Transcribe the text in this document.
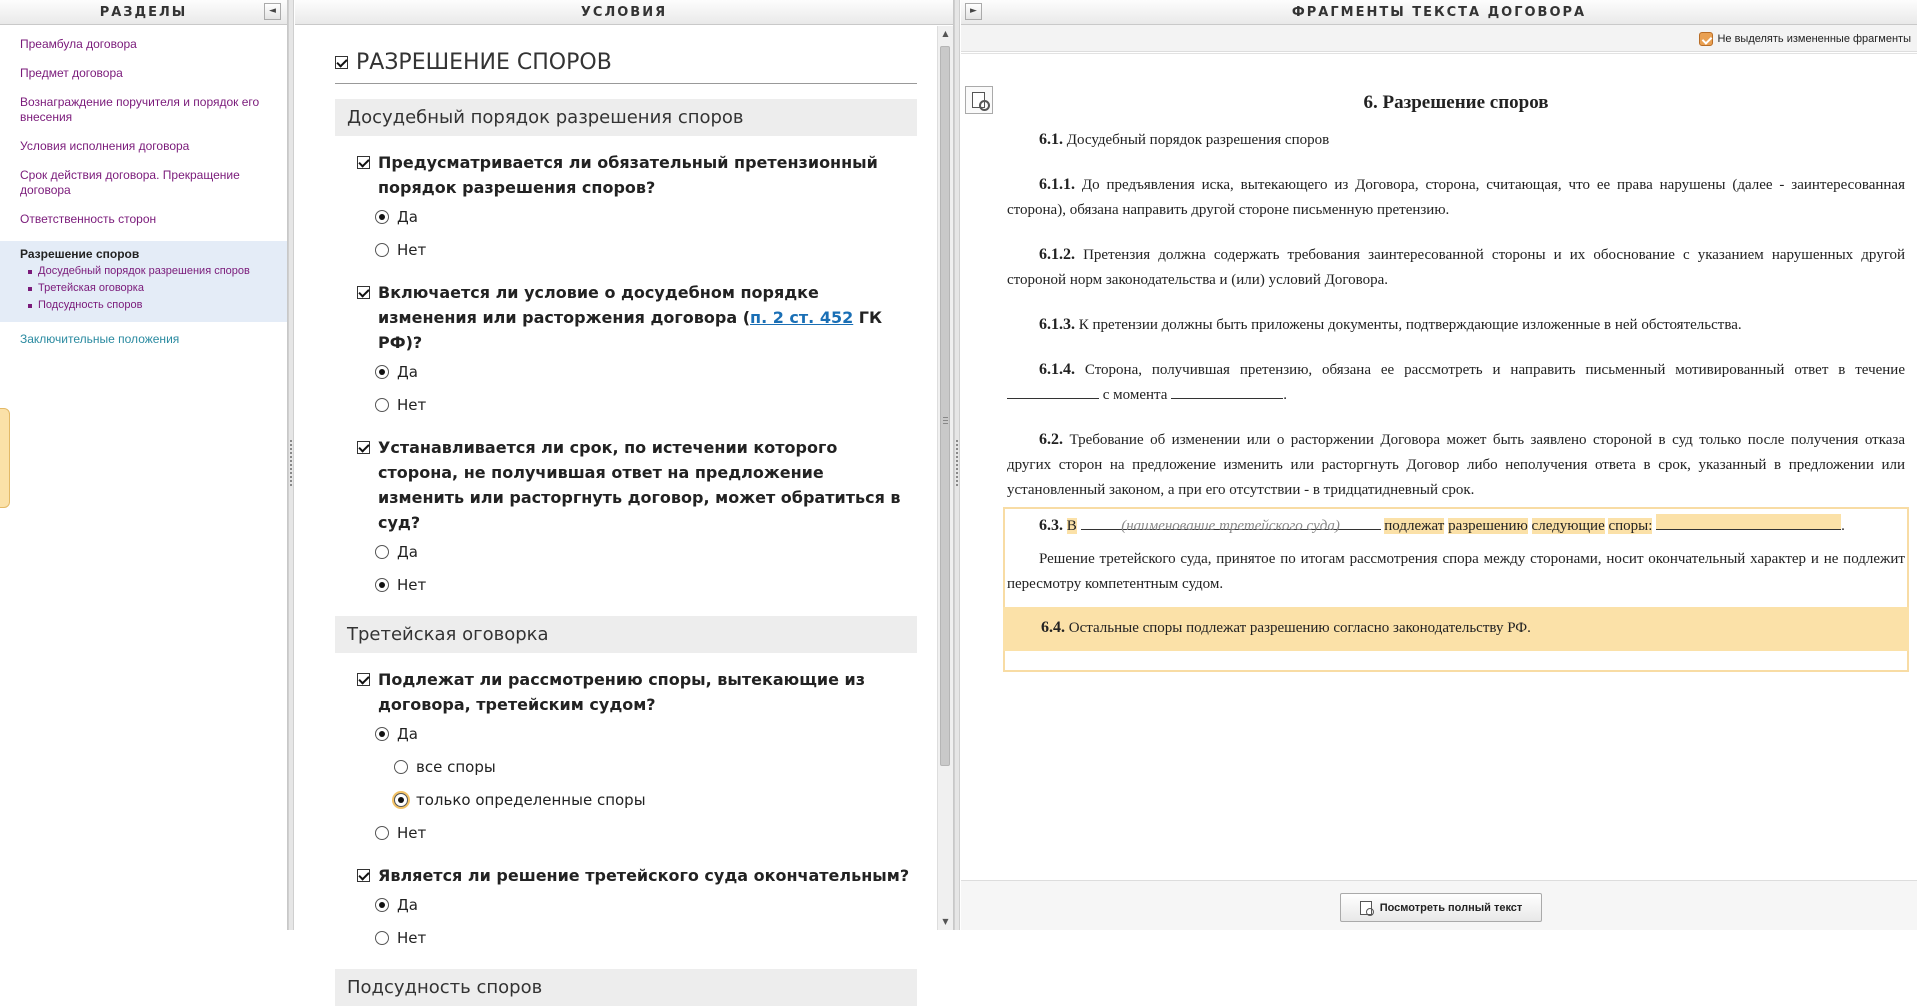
РАЗДЕЛЫ	◄
Преамбула договора
Предмет договора
Вознаграждение поручителя и порядок его внесения
Условия исполнения договора
Срок действия договора. Прекращение договора
Ответственность сторон
Разрешение споров
Досудебный порядок разрешения споров
Третейская оговорка
Подсудность споров
Заключительные положения
УСЛОВИЯ
РАЗРЕШЕНИЕ СПОРОВ
Досудебный порядок разрешения споров
Предусматривается ли обязательный претензионный порядок разрешения споров?
Да
Нет
Включается ли условие о досудебном порядке изменения или расторжения договора (п. 2 ст. 452 ГК РФ)?
Да
Нет
Устанавливается ли срок, по истечении которого сторона, не получившая ответ на предложение изменить или расторгнуть договор, может обратиться в суд?
Да
Нет
Третейская оговорка
Подлежат ли рассмотрению споры, вытекающие из договора, третейским судом?
Да
все споры
только определенные споры
Нет
Является ли решение третейского суда окончательным?
Да
Нет
Подсудность споров
▲
▼
►	ФРАГМЕНТЫ ТЕКСТА ДОГОВОРА
Не выделять измененные фрагменты
6. Разрешение споров

6.1. Досудебный порядок разрешения споров

6.1.1. До предъявления иска, вытекающего из Договора, сторона, считающая, что ее права нарушены (далее - заинтересованная сторона), обязана направить другой стороне письменную претензию.

6.1.2. Претензия должна содержать требования заинтересованной стороны и их обоснование с указанием нарушенных другой стороной норм законодательства и (или) условий Договора.

6.1.3. К претензии должны быть приложены документы, подтверждающие изложенные в ней обстоятельства.

6.1.4. Сторона, получившая претензию, обязана ее рассмотреть и направить письменный мотивированный ответ в течение  с момента	.

6.2. Требование об изменении или о расторжении Договора может быть заявлено стороной в суд только после получения отказа других сторон на предложение изменить или расторгнуть Договор либо неполучения ответа в срок, указанный в предложении или установленный законом, а при его отсутствии - в тридцатидневный срок.

6.3. В	(наименование третейского суда)	подлежат разрешению следующие споры:	.

Решение третейского суда, принятое по итогам рассмотрения спора между сторонами, носит окончательный характер и не подлежит пересмотру компетентным судом.

6.4. Остальные споры подлежат разрешению согласно законодательству РФ.

Посмотреть полный текст
